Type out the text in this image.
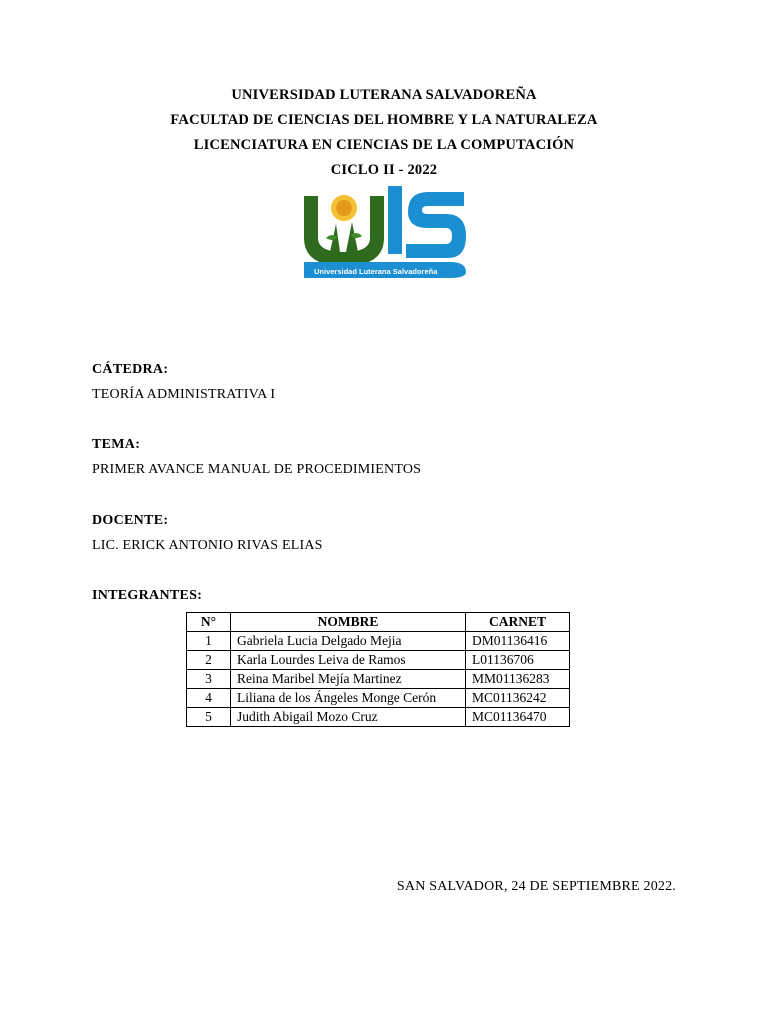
UNIVERSIDAD LUTERANA SALVADOREÑA
FACULTAD DE CIENCIAS DEL HOMBRE Y LA NATURALEZA
LICENCIATURA EN CIENCIAS DE LA COMPUTACIÓN
CICLO II - 2022
Universidad Luterana Salvadoreña
CÁTEDRA:
TEORÍA ADMINISTRATIVA I
TEMA:
PRIMER AVANCE MANUAL DE PROCEDIMIENTOS
DOCENTE:
LIC. ERICK ANTONIO RIVAS ELIAS
INTEGRANTES:
N°	NOMBRE	CARNET
1	Gabriela Lucia Delgado Mejia	DM01136416
2	Karla Lourdes Leiva de Ramos	L01136706
3	Reina Maribel Mejía Martinez	MM01136283
4	Liliana de los Ángeles Monge Cerón	MC01136242
5	Judith Abigail Mozo Cruz	MC01136470
SAN SALVADOR, 24 DE SEPTIEMBRE 2022.
